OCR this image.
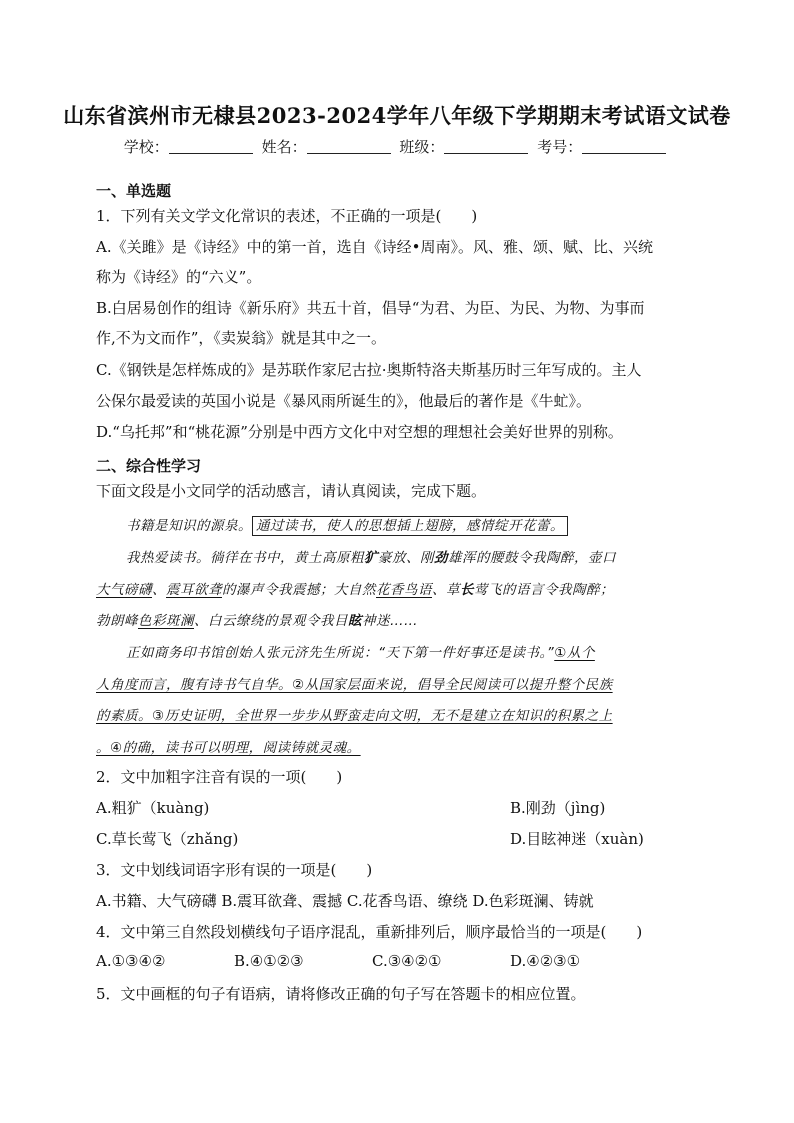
山东省滨州市无棣县2023-2024学年八年级下学期期末考试语文试卷
学校：	姓名：	班级：	考号：
一、单选题
1．下列有关文学文化常识的表述，不正确的一项是(　　)
A.《关雎》是《诗经》中的第一首，选自《诗经•周南》。风、雅、颂、赋、比、兴统
称为《诗经》的“六义”。
B.白居易创作的组诗《新乐府》共五十首，倡导“为君、为臣、为民、为物、为事而
作,不为文而作”，《卖炭翁》就是其中之一。
C.《钢铁是怎样炼成的》是苏联作家尼古拉·奥斯特洛夫斯基历时三年写成的。主人
公保尔最爱读的英国小说是《暴风雨所诞生的》，他最后的著作是《牛虻》。
D.“乌托邦”和“桃花源”分别是中西方文化中对空想的理想社会美好世界的别称。
二、综合性学习
下面文段是小文同学的活动感言，请认真阅读，完成下题。
书籍是知识的源泉。 通过读书，使人的思想插上翅膀，感情绽开花蕾。
我热爱读书。徜徉在书中，黄土高原粗犷豪放、刚劲雄浑的腰鼓令我陶醉，壶口
大气磅礴、震耳欲聋的瀑声令我震撼；大自然花香鸟语、草长莺飞的语言令我陶醉；
勃朗峰色彩斑澜、白云缭绕的景观令我目眩神迷……
正如商务印书馆创始人张元济先生所说：“天下第一件好事还是读书。”①从个
人角度而言，腹有诗书气自华。②从国家层面来说，倡导全民阅读可以提升整个民族
的素质。③历史证明，全世界一步步从野蛮走向文明，无不是建立在知识的积累之上
。④的确，读书可以明理，阅读铸就灵魂。
2．文中加粗字注音有误的一项(　　)
A.粗犷（kuàng)	B.刚劲（jìng)
C.草长莺飞（zhǎng)	D.目眩神迷（xuàn)
3．文中划线词语字形有误的一项是(　　)
A.书籍、大气磅礴 B.震耳欲聋、震撼 C.花香鸟语、缭绕 D.色彩斑澜、铸就
4．文中第三自然段划横线句子语序混乱，重新排列后，顺序最恰当的一项是(　　)
A.①③④②	B.④①②③	C.③④②①	D.④②③①
5．文中画框的句子有语病，请将修改正确的句子写在答题卡的相应位置。
